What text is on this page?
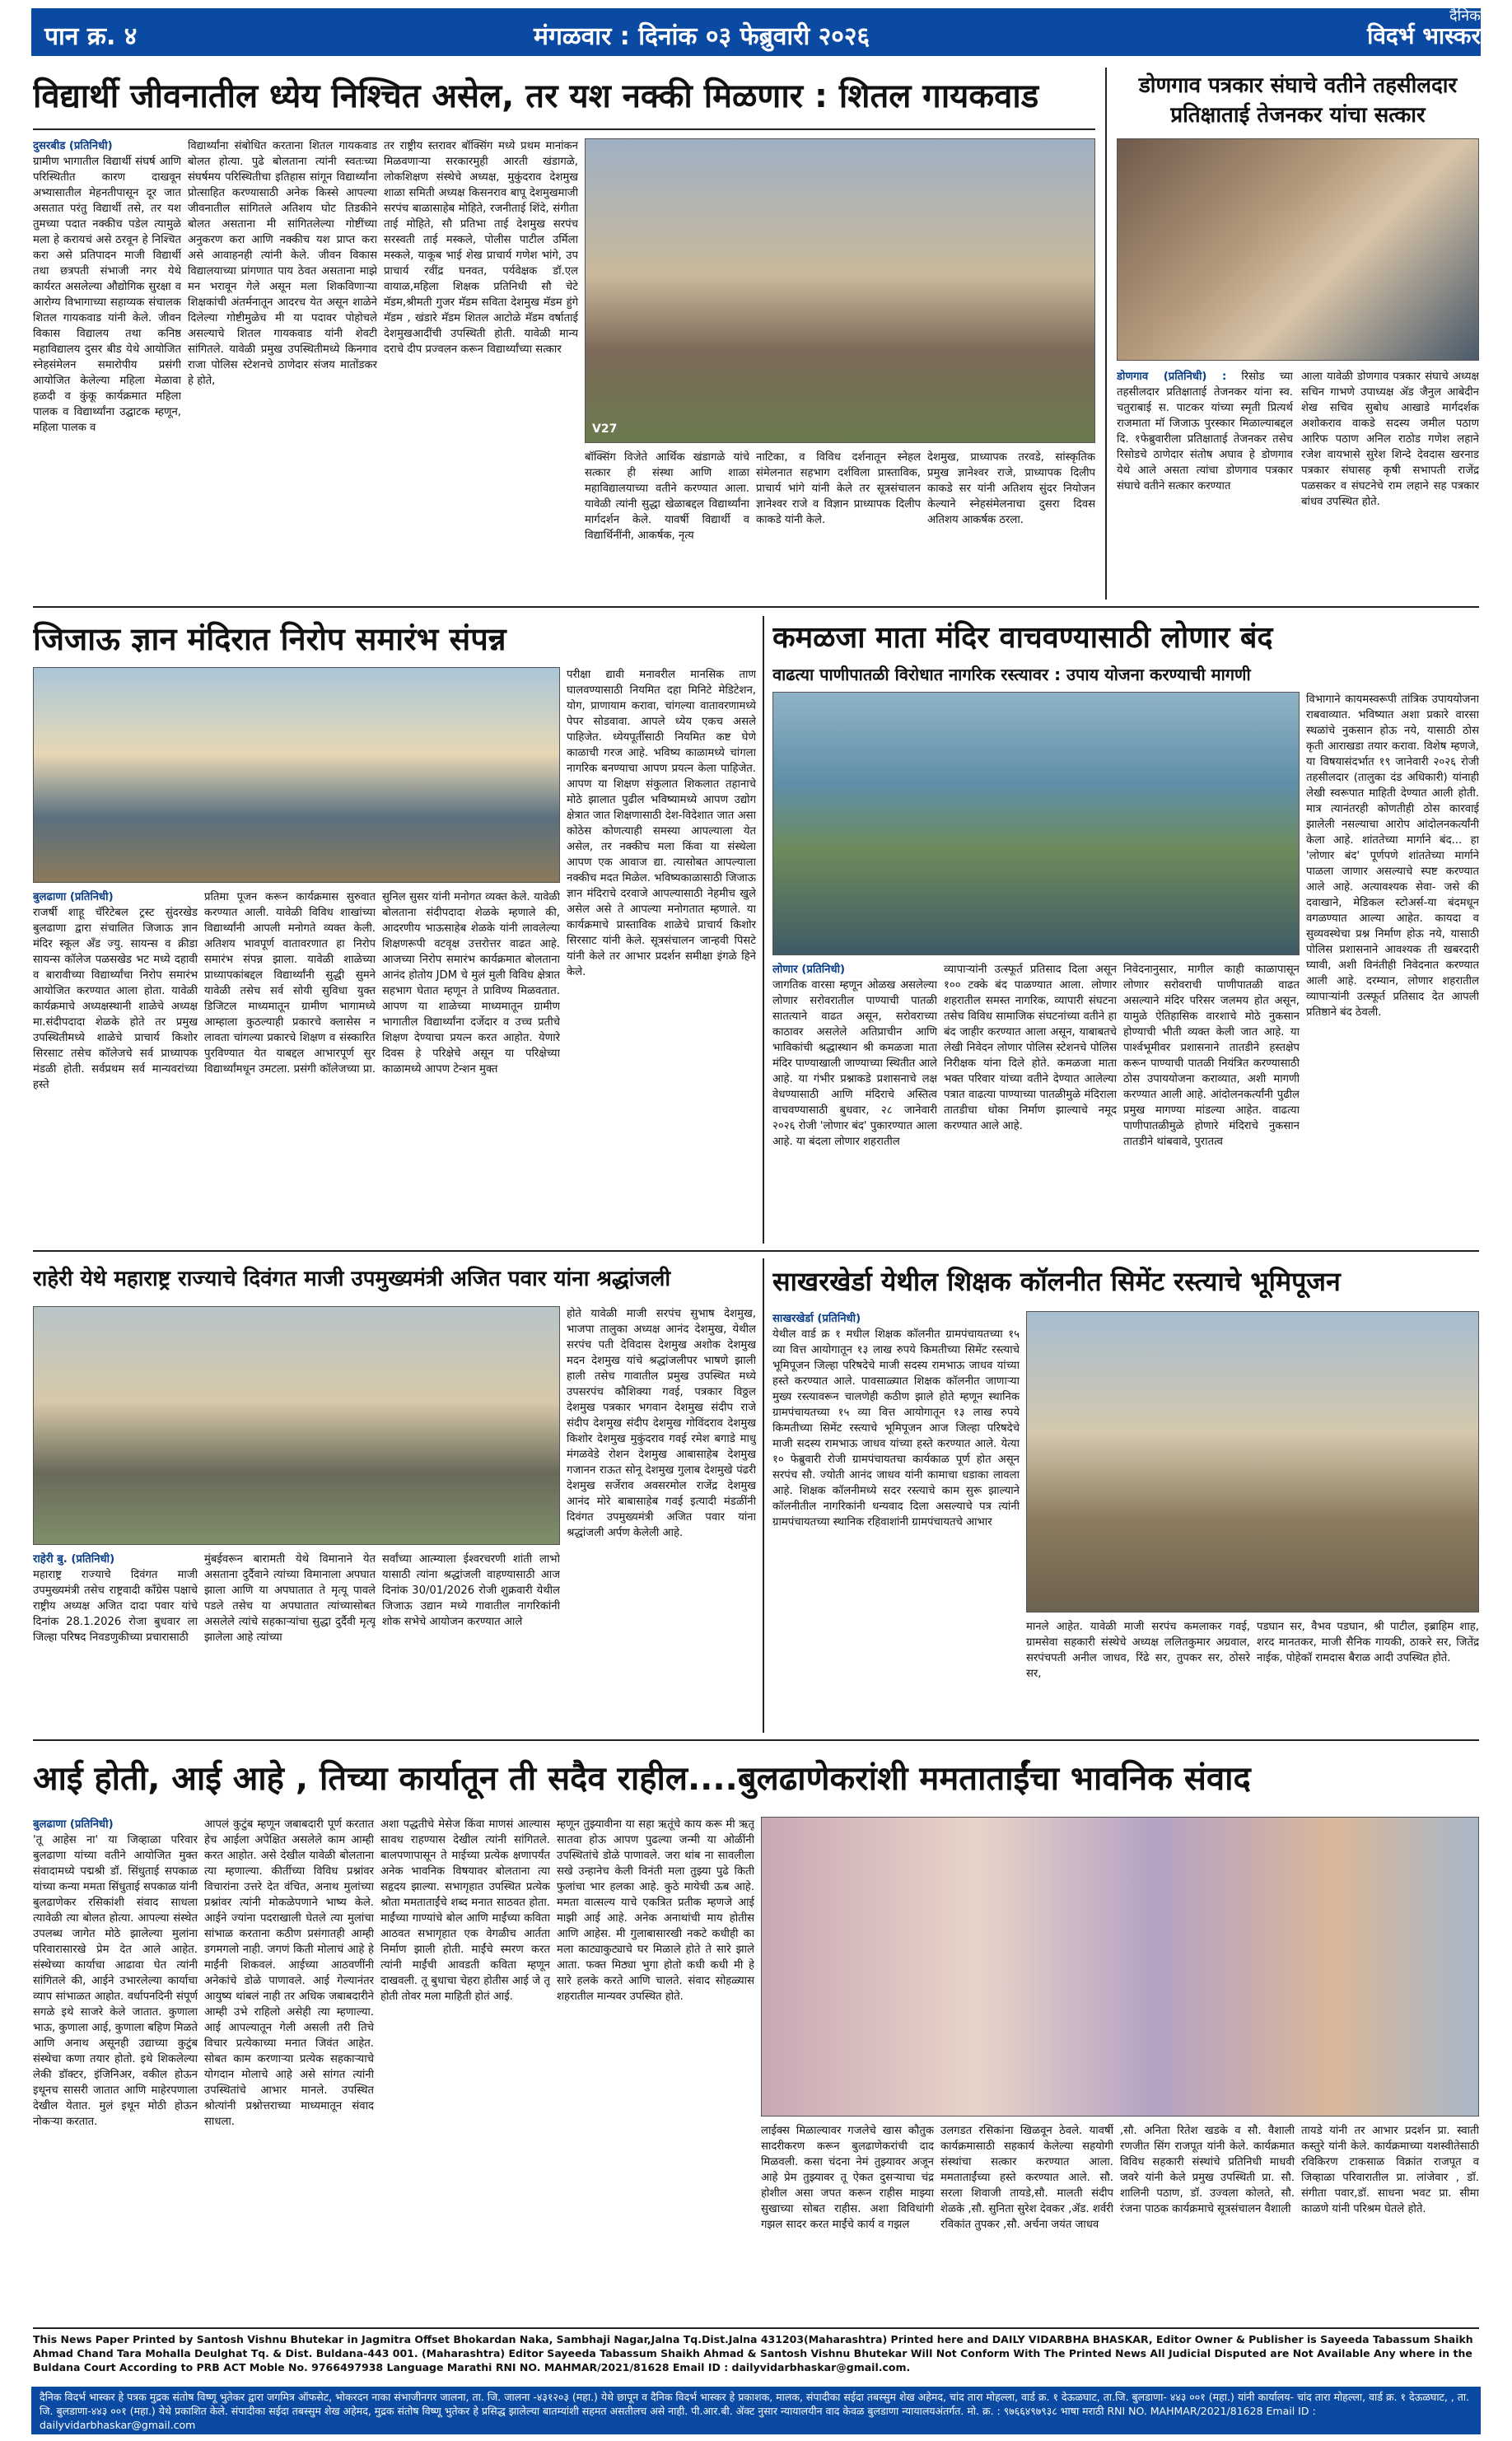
पान क्र. ४	मंगळवार : दिनांक ०३ फेब्रुवारी २०२६
दैनिक
विदर्भ भास्कर
विद्यार्थी जीवनातील ध्येय निश्चित असेल, तर यश नक्की मिळणार : शितल गायकवाड
दुसरबीड (प्रतिनिधी)
ग्रामीण भागातील विद्यार्थी संघर्ष आणि परिस्थितीत कारण दाखवून अभ्यासातील मेहनतीपासून दूर जात असतात परंतु विद्यार्थी तसे, तर यश तुमच्या पदात नक्कीच पडेल त्यामुळे मला हे करायचं असे ठरवून हे निश्चित करा असे प्रतिपादन माजी विद्यार्थी तथा छत्रपती संभाजी नगर येथे कार्यरत असलेल्या औद्योगिक सुरक्षा व आरोग्य विभागाच्या सहाय्यक संचालक शितल गायकवाड यांनी केले. जीवन विकास विद्यालय तथा कनिष्ठ महाविद्यालय दुसर बीड येथे आयोजित स्नेहसंमेलन समारोपीय प्रसंगी आयोजित केलेल्या महिला मेळावा हळदी व कुंकू कार्यक्रमात महिला पालक व विद्यार्थ्यांना उद्घाटक म्हणून, महिला पालक व
विद्यार्थ्यांना संबोधित करताना शितल गायकवाड बोलत होत्या. पुढे बोलताना त्यांनी स्वतःच्या संघर्षमय परिस्थितीचा इतिहास सांगून विद्यार्थ्यांना प्रोत्साहित करण्यासाठी अनेक किस्से आपल्या जीवनातील सांगितले अतिशय घोट तिडकीने बोलत असताना मी सांगितलेल्या गोष्टींच्या अनुकरण करा आणि नक्कीच यश प्राप्त करा असे आवाहनही त्यांनी केले. जीवन विकास विद्यालयाच्या प्रांगणात पाय ठेवत असताना माझे मन भरावून गेले असून मला शिकविणाऱ्या शिक्षकांची अंतर्मनातून आदरच येत असून शाळेने दिलेल्या गोष्टीमुळेच मी या पदावर पोहोचले असल्याचे शितल गायकवाड यांनी शेवटी सांगितले. यावेळी प्रमुख उपस्थितीमध्ये किनगाव राजा पोलिस स्टेशनचे ठाणेदार संजय मातोंडकर हे होते,
तर राष्ट्रीय स्तरावर बॉक्सिंग मध्ये प्रथम मानांकन मिळवणाऱ्या सरकारमुही आरती खंडागळे, लोकशिक्षण संस्थेचे अध्यक्ष, मुकुंदराव देशमुख शाळा समिती अध्यक्ष किसनराव बापू देशमुखमाजी सरपंच बाळासाहेब मोहिते, रजनीताई शिंदे, संगीता ताई मोहिते, सौ प्रतिभा ताई देशमुख सरपंच सरस्वती ताई मस्कले, पोलीस पाटील उर्मिला मस्कले, याकूब भाई शेख प्राचार्य गणेश भांगे, उप प्राचार्य रवींद्र घनवत, पर्यवेक्षक डॉ.एल वायाळ,महिला शिक्षक प्रतिनिधी सौ चेटे मॅडम,श्रीमती गुजर मॅडम सविता देशमुख मॅडम हुंगे मॅडम , खंडारे मॅडम शितल आटोळे मॅडम वर्षाताई देशमुखआदींची उपस्थिती होती. यावेळी मान्य दराचे दीप प्रज्वलन करून विद्यार्थ्यांच्या सत्कार
V27
बॉक्सिंग विजेते आर्थिक खंडागळे यांचे सत्कार ही संस्था आणि शाळा महाविद्यालयाच्या वतीने करण्यात आला. यावेळी त्यांनी सुद्धा खेळाबद्दल विद्यार्थ्यांना मार्गदर्शन केले. यावर्षी विद्यार्थी व विद्यार्थिनींनी, आकर्षक, नृत्य
नाटिका, व विविध दर्शनातून स्नेहल संमेलनात सहभाग दर्शविला प्रास्ताविक, प्राचार्य भांगे यांनी केले तर सूत्रसंचालन ज्ञानेश्वर राजे व विज्ञान प्राध्यापक दिलीप काकडे यांनी केले.
देशमुख, प्राध्यापक तरवडे, सांस्कृतिक प्रमुख ज्ञानेश्वर राजे, प्राध्यापक दिलीप काकडे सर यांनी अतिशय सुंदर नियोजन केल्याने स्नेहसंमेलनाचा दुसरा दिवस अतिशय आकर्षक ठरला.
डोणगाव पत्रकार संघाचे वतीने तहसीलदार
प्रतिक्षाताई तेजनकर यांचा सत्कार
डोणगाव (प्रतिनिधी) : रिसोड च्या तहसीलदार प्रतिक्षाताई तेजनकर यांना स्व. चतुराबाई स. पाटकर यांच्या स्मृती प्रित्यर्थ राजमाता मॉ जिजाऊ पुरस्कार मिळाल्याबद्दल दि. १फेब्रुवारीला प्रतिक्षाताई तेजनकर तसेच रिसोडचे ठाणेदार संतोष अघाव हे डोणगाव येथे आले असता त्यांचा डोणगाव पत्रकार संघाचे वतीने सत्कार करण्यात
आला यावेळी डोणगाव पत्रकार संघाचे अध्यक्ष सचिन गाभणे उपाध्यक्ष ॲड जैनुल आबेदीन शेख सचिव सुबोध आखाडे मार्गदर्शक अशोकराव वाकडे सदस्य जमील पठाण आरिफ पठाण अनिल राठोड गणेश लहाने रजेश वायभासे सुरेश शिन्दे देवदास खरनाड पत्रकार संघासह कृषी सभापती राजेंद्र पळसकर व संघटनेचे राम लहाने सह पत्रकार बांधव उपस्थित होते.
जिजाऊ ज्ञान मंदिरात निरोप समारंभ संपन्न
बुलढाणा (प्रतिनिधी)
राजर्षी शाहू चॅरिटेबल ट्रस्ट सुंदरखेड बुलढाणा द्वारा संचालित जिजाऊ ज्ञान मंदिर स्कूल ॲंड ज्यु. सायन्स व क्रीडा सायन्स कॉलेज पळसखेड भट मध्ये दहावी व बारावीच्या विद्यार्थ्यांचा निरोप समारंभ आयोजित करण्यात आला होता. यावेळी कार्यक्रमाचे अध्यक्षस्थानी शाळेचे अध्यक्ष मा.संदीपदादा शेळके होते तर प्रमुख उपस्थितीमध्ये शाळेचे प्राचार्य किशोर सिरसाट तसेच कॉलेजचे सर्व प्राध्यापक मंडळी होती. सर्वप्रथम सर्व मान्यवरांच्या हस्ते
प्रतिमा पूजन करून कार्यक्रमास सुरुवात करण्यात आली. यावेळी विविध शाखांच्या विद्यार्थ्यांनी आपली मनोगते व्यक्त केली. अतिशय भावपूर्ण वातावरणात हा निरोप समारंभ संपन्न झाला. यावेळी शाळेच्या प्राध्यापकांबद्दल विद्यार्थ्यांनी सुद्धी सुमने यावेळी तसेच सर्व सोयी सुविधा युक्त डिजिटल माध्यमातून ग्रामीण भागामध्ये आम्हाला कुठल्याही प्रकारचे क्लासेस न लावता चांगल्या प्रकारचे शिक्षण व संस्कारित पुरविण्यात येत याबद्दल आभारपूर्ण सुर विद्यार्थ्यांमधून उमटला. प्रसंगी कॉलेजच्या प्रा.
सुनिल सुसर यांनी मनोगत व्यक्त केले. यावेळी बोलताना संदीपदादा शेळके म्हणाले की, आदरणीय भाऊसाहेब शेळके यांनी लावलेल्या शिक्षणरूपी वटवृक्ष उत्तरोत्तर वाढत आहे. आजच्या निरोप समारंभ कार्यक्रमात बोलताना आनंद होतोय JDM चे मुलं मुली विविध क्षेत्रात सहभाग घेतात म्हणून ते प्राविण्य मिळवतात. आपण या शाळेच्या माध्यमातून ग्रामीण भागातील विद्यार्थ्यांना दर्जेदार व उच्च प्रतीचे शिक्षण देण्याचा प्रयत्न करत आहोत. येणारे दिवस हे परिक्षेचे असून या परिक्षेच्या काळामध्ये आपण टेन्शन मुक्त
परीक्षा द्यावी मनावरील मानसिक ताण घालवण्यासाठी नियमित दहा मिनिटे मेडिटेशन, योग, प्राणायाम करावा, चांगल्या वातावरणामध्ये पेपर सोडवावा. आपले ध्येय एकच असले पाहिजेत. ध्येयपूर्तीसाठी नियमित कष्ट घेणे काळाची गरज आहे. भविष्य काळामध्ये चांगला नागरिक बनण्याचा आपण प्रयत्न केला पाहिजेत. आपण या शिक्षण संकुलात शिकलात तहानाचे मोठे झालात पुढील भविष्यामध्ये आपण उद्योग क्षेत्रात जात शिक्षणासाठी देश-विदेशात जात असा कोठेस कोणत्याही समस्या आपल्याला येत असेल, तर नक्कीच मला किंवा या संस्थेला आपण एक आवाज द्या. त्यासोबत आपल्याला नक्कीच मदत मिळेल. भविष्यकाळासाठी जिजाऊ ज्ञान मंदिराचे दरवाजे आपल्यासाठी नेहमीच खुले असेल असे ते आपल्या मनोगतात म्हणाले. या कार्यक्रमाचे प्रास्ताविक शाळेचे प्राचार्य किशोर सिरसाट यांनी केले. सूत्रसंचालन जान्हवी पिसटे यांनी केले तर आभार प्रदर्शन समीक्षा इंगळे हिने केले.
कमळजा माता मंदिर वाचवण्यासाठी लोणार बंद
वाढत्या पाणीपातळी विरोधात नागरिक रस्त्यावर : उपाय योजना करण्याची मागणी
विभागाने कायमस्वरूपी तांत्रिक उपाययोजना राबवाव्यात. भविष्यात अशा प्रकारे वारसा स्थळांचे नुकसान होऊ नये, यासाठी ठोस कृती आराखडा तयार करावा. विशेष म्हणजे, या विषयासंदर्भात १९ जानेवारी २०२६ रोजी तहसीलदार (तालुका दंड अधिकारी) यांनाही लेखी स्वरूपात माहिती देण्यात आली होती. मात्र त्यानंतरही कोणतीही ठोस कारवाई झालेली नसल्याचा आरोप आंदोलनकर्त्यांनी केला आहे. शांततेच्या मार्गाने बंद... हा 'लोणार बंद' पूर्णपणे शांततेच्या मार्गाने पाळला जाणार असल्याचे स्पष्ट करण्यात आले आहे. अत्यावश्यक सेवा- जसे की दवाखाने, मेडिकल स्टोअर्स-या बंदमधून वगळण्यात आल्या आहेत. कायदा व सुव्यवस्थेचा प्रश्न निर्माण होऊ नये, यासाठी पोलिस प्रशासनाने आवश्यक ती खबरदारी घ्यावी, अशी विनंतीही निवेदनात करण्यात आली आहे. दरम्यान, लोणार शहरातील व्यापाऱ्यांनी उत्स्फूर्त प्रतिसाद देत आपली प्रतिष्ठाने बंद ठेवली.
लोणार (प्रतिनिधी)
जागतिक वारसा म्हणून ओळख असलेल्या लोणार सरोवरातील पाण्याची पातळी सातत्याने वाढत असून, सरोवराच्या काठावर असलेले अतिप्राचीन आणि भाविकांची श्रद्धास्थान श्री कमळजा माता मंदिर पाण्याखाली जाण्याच्या स्थितीत आले आहे. या गंभीर प्रश्नाकडे प्रशासनाचे लक्ष वेधण्यासाठी आणि मंदिराचे अस्तित्व वाचवण्यासाठी बुधवार, २८ जानेवारी २०२६ रोजी 'लोणार बंद' पुकारण्यात आला आहे. या बंदला लोणार शहरातील
व्यापाऱ्यांनी उत्स्फूर्त प्रतिसाद दिला असून १०० टक्के बंद पाळण्यात आला. लोणार शहरातील समस्त नागरिक, व्यापारी संघटना तसेच विविध सामाजिक संघटनांच्या वतीने हा बंद जाहीर करण्यात आला असून, याबाबतचे लेखी निवेदन लोणार पोलिस स्टेशनचे पोलिस निरीक्षक यांना दिले होते. कमळजा माता भक्त परिवार यांच्या वतीने देण्यात आलेल्या पत्रात वाढत्या पाण्याच्या पातळीमुळे मंदिराला तातडीचा धोका निर्माण झाल्याचे नमूद करण्यात आले आहे.
निवेदनानुसार, मागील काही काळापासून लोणार सरोवराची पाणीपातळी वाढत असल्याने मंदिर परिसर जलमय होत असून, यामुळे ऐतिहासिक वारशाचे मोठे नुकसान होण्याची भीती व्यक्त केली जात आहे. या पार्श्वभूमीवर प्रशासनाने तातडीने हस्तक्षेप करून पाण्याची पातळी नियंत्रित करण्यासाठी ठोस उपाययोजना कराव्यात, अशी मागणी करण्यात आली आहे. आंदोलनकर्त्यांनी पुढील प्रमुख मागण्या मांडल्या आहेत. वाढत्या पाणीपातळीमुळे होणारे मंदिराचे नुकसान तातडीने थांबवावे, पुरातत्व
राहेरी येथे महाराष्ट्र राज्याचे दिवंगत माजी उपमुख्यमंत्री अजित पवार यांना श्रद्धांजली
राहेरी बु. (प्रतिनिधी)
महाराष्ट्र राज्याचे दिवंगत माजी उपमुख्यमंत्री तसेच राष्ट्रवादी काँग्रेस पक्षाचे राष्ट्रीय अध्यक्ष अजित दादा पवार यांचे दिनांक 28.1.2026 रोजा बुधवार ला जिल्हा परिषद निवडणुकीच्या प्रचारासाठी
मुंबईवरून बारामती येथे विमानाने येत असताना दुर्दैवाने त्यांच्या विमानाला अपघात झाला आणि या अपघातात ते मृत्यू पावले पडले तसेच या अपघातात त्यांच्यासोबत असलेले त्यांचे सहकाऱ्यांचा सुद्धा दुर्दैवी मृत्यू झालेला आहे त्यांच्या
सर्वांच्या आत्म्याला ईश्वरचरणी शांती लाभो यासाठी त्यांना श्रद्धांजली वाहण्यासाठी आज दिनांक 30/01/2026 रोजी शुक्रवारी येथील जिजाऊ उद्यान मध्ये गावातील नागरिकांनी शोक सभेचे आयोजन करण्यात आले
होते यावेळी माजी सरपंच सुभाष देशमुख, भाजपा तालुका अध्यक्ष आनंद देशमुख, येथील सरपंच पती देविदास देशमुख अशोक देशमुख मदन देशमुख यांचे श्रद्धांजलीपर भाषणे झाली हाली तसेच गावातील प्रमुख उपस्थित मध्ये उपसरपंच कौशिक्या गवई, पत्रकार विठ्ठल देशमुख पत्रकार भगवान देशमुख संदीप राजे संदीप देशमुख संदीप देशमुख गोविंदराव देशमुख किशोर देशमुख मुकुंदराव गवई रमेश बगाडे माधु मंगळवेडे रोशन देशमुख आबासाहेब देशमुख गजानन राऊत सोनू देशमुख गुलाब देशमुखे पंढरी देशमुख सर्जेराव अवसरमोल राजेंद्र देशमुख आनंद मोरे बाबासाहेब गवई इत्यादी मंडळींनी दिवंगत उपमुख्यमंत्री अजित पवार यांना श्रद्धांजली अर्पण केलेली आहे.
साखरखेर्डा येथील शिक्षक कॉलनीत सिमेंट रस्त्याचे भूमिपूजन
साखरखेर्डा (प्रतिनिधी)
येथील वार्ड क्र १ मधील शिक्षक कॉलनीत ग्रामपंचायतच्या १५ व्या वित्त आयोगातून १३ लाख रुपये किमतीच्या सिमेंट रस्त्याचे भूमिपूजन जिल्हा परिषदेचे माजी सदस्य रामभाऊ जाधव यांच्या हस्ते करण्यात आले. पावसाळ्यात शिक्षक कॉलनीत जाणाऱ्या मुख्य रस्त्यावरून चालणेही कठीण झाले होते म्हणून स्थानिक ग्रामपंचायतच्या १५ व्या वित्त आयोगातून १३ लाख रुपये किमतीच्या सिमेंट रस्त्याचे भूमिपूजन आज जिल्हा परिषदेचे माजी सदस्य रामभाऊ जाधव यांच्या हस्ते करण्यात आले. येत्या १० फेब्रुवारी रोजी ग्रामपंचायतचा कार्यकाळ पूर्ण होत असून सरपंच सौ. ज्योती आनंद जाधव यांनी कामाचा धडाका लावला आहे. शिक्षक कॉलनीमध्ये सदर रस्त्याचे काम सुरू झाल्याने कॉलनीतील नागरिकांनी धन्यवाद दिला असल्याचे पत्र त्यांनी ग्रामपंचायतच्या स्थानिक रहिवाशांनी ग्रामपंचायतचे आभार
मानले आहेत. यावेळी माजी सरपंच कमलाकर गवई, ग्रामसेवा सहकारी संस्थेचे अध्यक्ष ललितकुमार अग्रवाल, सरपंचपती अनील जाधव, रिंढे सर, तुपकर सर, ठोसरे सर,
पडघान सर, वैभव पडघान, श्री पाटील, इब्राहिम शाह, शरद मानतकर, माजी सैनिक गायकी, ठाकरे सर, जितेंद्र नाईक, पोहेकॉ रामदास बैराळ आदी उपस्थित होते.
आई होती, आई आहे , तिच्या कार्यातून ती सदैव राहील....बुलढाणेकरांशी ममताताईंचा भावनिक संवाद
बुलढाणा (प्रतिनिधी)
'तू आहेस ना' या जिव्हाळा परिवार बुलढाणा यांच्या वतीने आयोजित मुक्त संवादामध्ये पद्मश्री डॉ. सिंधुताई सपकाळ यांच्या कन्या ममता सिंधुताई सपकाळ यांनी बुलढाणेकर रसिकांशी संवाद साधला त्यावेळी त्या बोलत होत्या. आपल्या संस्थेत उपलब्ध जागेत मोठे झालेल्या मुलांना परिवारासारखे प्रेम देत आले आहेत. संस्थेच्या कार्याचा आढावा घेत त्यांनी सांगितले की, आईने उभारलेल्या कार्याचा व्याप सांभाळत आहोत. वर्धापनदिनी संपूर्ण सगळे इथे साजरे केले जातात. कुणाला भाऊ, कुणाला आई, कुणाला बहिण मिळते आणि अनाथ असूनही उद्याच्या कुटुंब संस्थेचा कणा तयार होतो. इथे शिकलेल्या लेकी डॉक्टर, इंजिनिअर, वकील होऊन इथूनच सासरी जातात आणि माहेरपणाला देखील येतात. मुलं इथून मोठी होऊन नोकऱ्या करतात.
आपलं कुटुंब म्हणून जबाबदारी पूर्ण करतात हेच आईला अपेक्षित असलेले काम आम्ही करत आहोत. असे देखील यावेळी बोलताना त्या म्हणाल्या. कीर्तीच्या विविध प्रश्नांवर विचारांना उत्तरे देत वंचित, अनाथ मुलांच्या प्रश्नांवर त्यांनी मोकळेपणाने भाष्य केले. आईने ज्यांना पदराखाली घेतले त्या मुलांचा सांभाळ करताना कठीण प्रसंगातही आम्ही डगमगलो नाही. जगणं किती मोलाचं आहे हे माईंनी शिकवलं. आईच्या आठवणींनी अनेकांचे डोळे पाणावले. आई गेल्यानंतर आयुष्य थांबलं नाही तर अधिक जबाबदारीने आम्ही उभे राहिलो असेही त्या म्हणाल्या. आई आपल्यातून गेली असली तरी तिचे विचार प्रत्येकाच्या मनात जिवंत आहेत. सोबत काम करणाऱ्या प्रत्येक सहकाऱ्याचे योगदान मोलाचे आहे असे सांगत त्यांनी उपस्थितांचे आभार मानले. उपस्थित श्रोत्यांनी प्रश्नोत्तराच्या माध्यमातून संवाद साधला.
अशा पद्धतीचे मेसेज किंवा माणसं आल्यास सावध राहण्यास देखील त्यांनी सांगितले. बालपणापासून ते माईच्या प्रत्येक क्षणापर्यंत अनेक भावनिक विषयावर बोलताना त्या सहृदय झाल्या. सभागृहात उपस्थित प्रत्येक श्रोता ममताताईंचे शब्द मनात साठवत होता. माईंच्या गाण्यांचे बोल आणि माईंच्या कविता आठवत सभागृहात एक वेगळीच आर्तता निर्माण झाली होती. माईंचे स्मरण करत त्यांनी माईंची आवडती कविता म्हणून दाखवली. तू बुधाचा चेहरा होतीस आई जे तू होती तोवर मला माहिती होतं आई.
म्हणून तुझ्यावीना या सहा ऋतूंचे काय करू मी ऋतू सातवा होऊ आपण पुढल्या जन्मी या ओळींनी उपस्थितांचे डोळे पाणावले. जरा थांब ना सावलीला सखे उन्हानेच केली विनंती मला तुझ्या पुढे किती फुलांचा भार हलका आहे. कुठे मायेची ऊब आहे. ममता वात्सल्य याचे एकत्रित प्रतीक म्हणजे आई माझी आई आहे. अनेक अनाथांची माय होतीस आणि आहेस. मी गुलाबासारखी नकटे कधीही का मला काट्याकुट्याचे घर मिळाले होते ते सारे झाले आता. फक्त मिठ्या भुगा होतो कधी कधी मी हे सारे हलके करते आणि चालते. संवाद सोहळ्यास शहरातील मान्यवर उपस्थित होते.
लाईक्स मिळाल्यावर गजलेचे खास कौतुक सादरीकरण करून बुलढाणेकरांची दाद मिळवली. कसा चंदना नेमं तुझ्यावर अजून आहे प्रेम तुझ्यावर तू ऐकत दुसऱ्याचा चंद्र होशील असा जपत करून राहीस माझ्या सुखाच्या सोबत राहीस. अशा विविधांगी गझल सादर करत माईंचे कार्य व गझल
उलगडत रसिकांना खिळवून ठेवले. यावर्षी कार्यक्रमासाठी सहकार्य केलेल्या सहयोगी संस्थांचा सत्कार करण्यात आला. ममताताईंच्या हस्ते करण्यात आले. सौ. सरला शिवाजी तायडे,सौ. मालती संदीप शेळके ,सौ. सुनिता सुरेश देवकर ,ॲड. शर्वरी रविकांत तुपकर ,सौ. अर्चना जयंत जाधव
,सौ. अनिता रितेश खडके व सौ. वैशाली रणजीत सिंग राजपूत यांनी केले. कार्यक्रमात विविध सहकारी संस्थांचे प्रतिनिधी माधवी जवरे यांनी केले प्रमुख उपस्थिती प्रा. सौ. शालिनी पठाण, डॉ. उज्वला कोलते, सौ. रंजना पाठक कार्यक्रमाचे सूत्रसंचालन वैशाली
तायडे यांनी तर आभार प्रदर्शन प्रा. स्वाती कस्तुरे यांनी केले. कार्यक्रमाच्या यशस्वीतेसाठी रविकिरण टाकसाळ विक्रांत राजपूत व जिव्हाळा परिवारातील प्रा. लांजेवार , डॉ. संगीता पवार,डॉ. साधना भवट प्रा. सीमा काळणे यांनी परिश्रम घेतले होते.
This News Paper Printed by Santosh Vishnu Bhutekar in Jagmitra Offset Bhokardan Naka, Sambhaji Nagar,Jalna Tq.Dist.Jalna 431203(Maharashtra) Printed here and DAILY VIDARBHA BHASKAR, Editor Owner & Publisher is Sayeeda Tabassum Shaikh Ahmad Chand Tara Mohalla Deulghat Tq. & Dist. Buldana-443 001. (Maharashtra) Editor Sayeeda Tabassum Shaikh Ahmad & Santosh Vishnu Bhutekar Will Not Conform With The Printed News All Judicial Disputed are Not Available Any where in the Buldana Court According to PRB ACT Moble No. 9766497938 Language Marathi RNI NO. MAHMAR/2021/81628 Email ID : dailyvidarbhaskar@gmail.com.
दैनिक विदर्भ भास्कर हे पत्रक मुद्रक संतोष विष्णू भुतेकर द्वारा जगमित्र ऑफसेट, भोकरदन नाका संभाजीनगर जालना, ता. जि. जालना -४३१२०३ (महा.) येथे छापून व दैनिक विदर्भ भास्कर हे प्रकाशक, मालक, संपादीका सईदा तबस्सुम शेख अहेमद, चांद तारा मोहल्ला, वार्ड क्र. १ देऊळघाट, ता.जि. बुलडाणा- ४४३ ००१ (महा.) यांनी कार्यालय- चांद तारा मोहल्ला, वार्ड क्र. १ देऊळघाट, , ता. जि. बुलडाणा-४४३ ००१ (महा.) येथे प्रकाशित केले. संपादीका सईदा तबस्सुम शेख अहेमद, मुद्रक संतोष विष्णू भुतेकर हे प्रसिद्ध झालेल्या बातम्यांशी सहमत असतीलच असे नाही. पी.आर.बी. ॲक्ट नुसार न्यायालयीन वाद केवळ बुलडाणा न्यायालयअंतर्गत. मो. क्र. : ९७६६४९७९३८ भाषा मराठी RNI NO. MAHMAR/2021/81628 Email ID : dailyvidarbhaskar@gmail.com
